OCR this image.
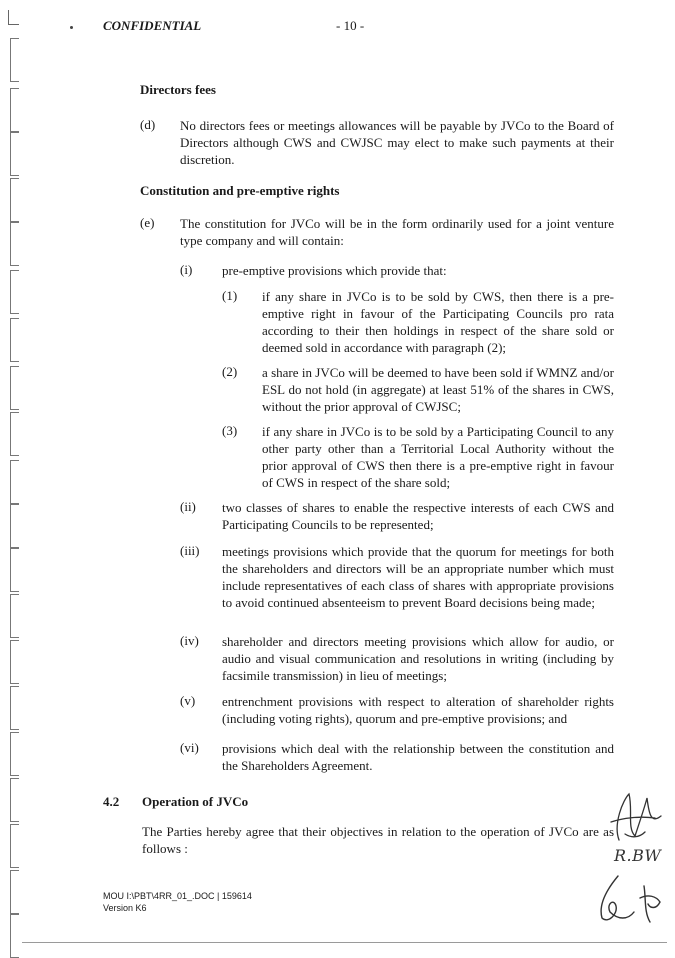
CONFIDENTIAL	- 10 -
Directors fees
(d) No directors fees or meetings allowances will be payable by JVCo to the Board of Directors although CWS and CWJSC may elect to make such payments at their discretion.
Constitution and pre-emptive rights
(e) The constitution for JVCo will be in the form ordinarily used for a joint venture type company and will contain:
(i) pre-emptive provisions which provide that:
(1) if any share in JVCo is to be sold by CWS, then there is a pre-emptive right in favour of the Participating Councils pro rata according to their then holdings in respect of the share sold or deemed sold in accordance with paragraph (2);
(2) a share in JVCo will be deemed to have been sold if WMNZ and/or ESL do not hold (in aggregate) at least 51% of the shares in CWS, without the prior approval of CWJSC;
(3) if any share in JVCo is to be sold by a Participating Council to any other party other than a Territorial Local Authority without the prior approval of CWS then there is a pre-emptive right in favour of CWS in respect of the share sold;
(ii) two classes of shares to enable the respective interests of each CWS and Participating Councils to be represented;
(iii) meetings provisions which provide that the quorum for meetings for both the shareholders and directors will be an appropriate number which must include representatives of each class of shares with appropriate provisions to avoid continued absenteeism to prevent Board decisions being made;
(iv) shareholder and directors meeting provisions which allow for audio, or audio and visual communication and resolutions in writing (including by facsimile transmission) in lieu of meetings;
(v) entrenchment provisions with respect to alteration of shareholder rights (including voting rights), quorum and pre-emptive provisions; and
(vi) provisions which deal with the relationship between the constitution and the Shareholders Agreement.
4.2 Operation of JVCo
The Parties hereby agree that their objectives in relation to the operation of JVCo are as follows :
MOU I:\PBT\4RR_01_.DOC | 159614
Version K6
R.BW
